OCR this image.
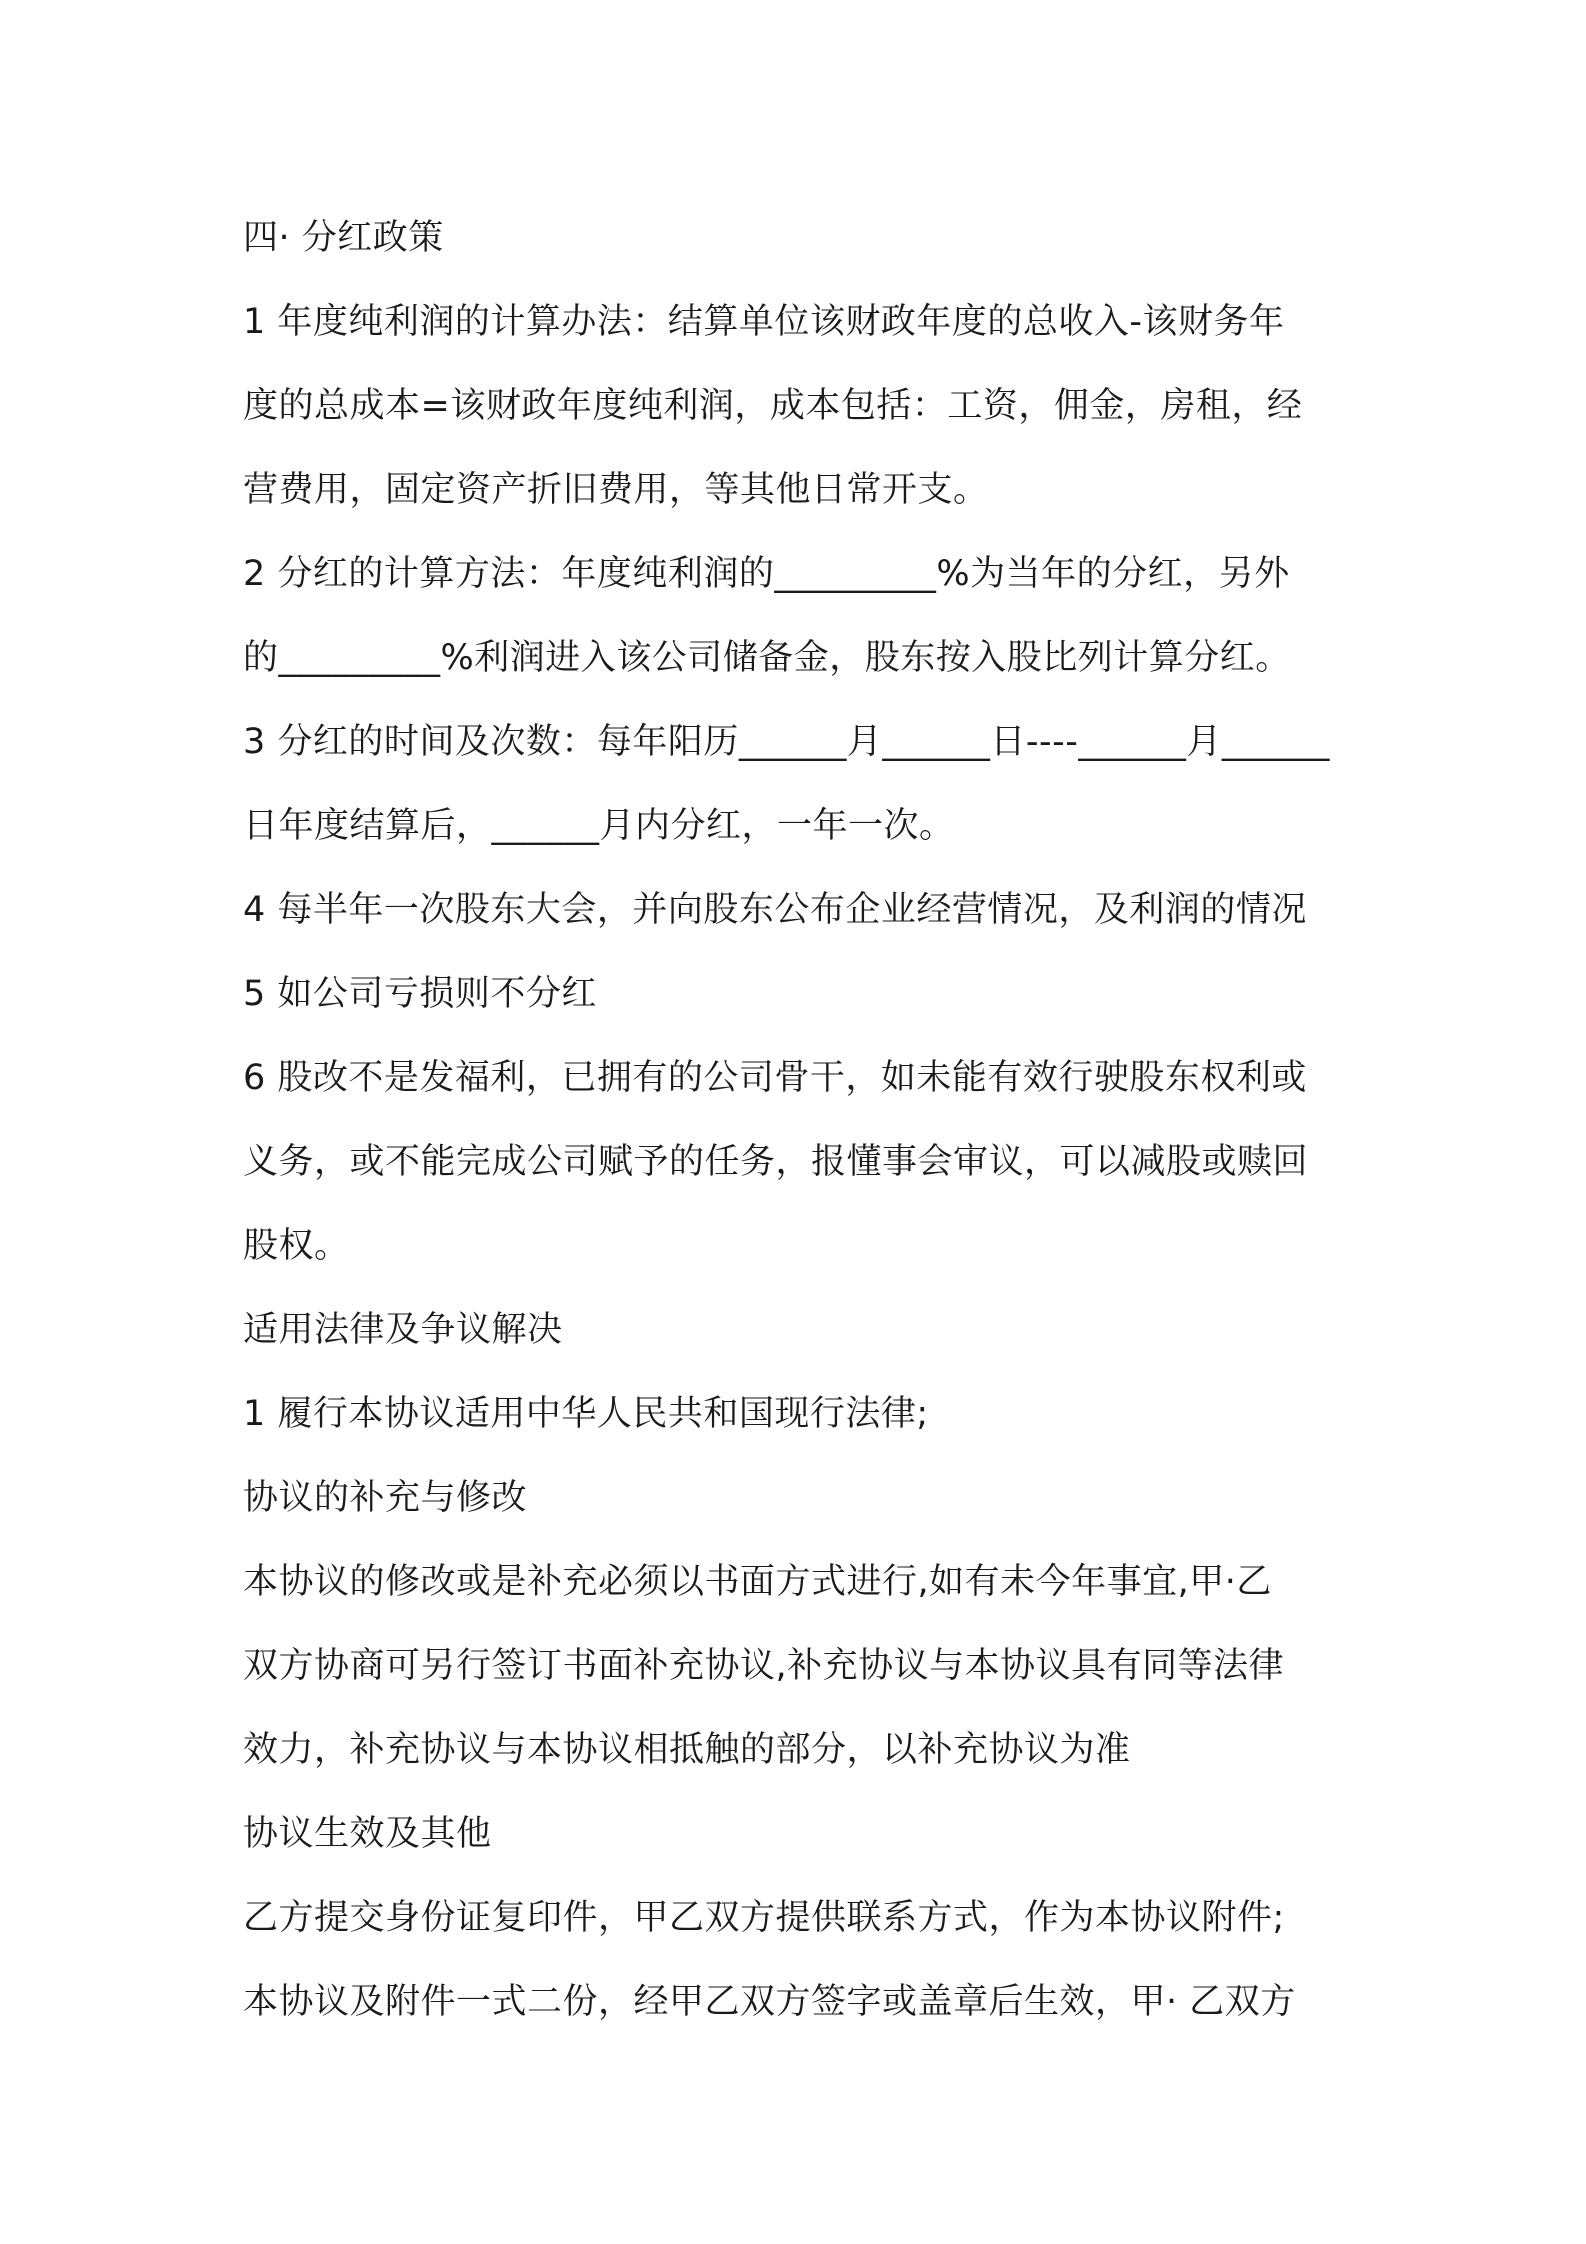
四· 分红政策
1 年度纯利润的计算办法：结算单位该财政年度的总收入-该财务年
度的总成本=该财政年度纯利润，成本包括：工资，佣金，房租，经
营费用，固定资产折旧费用，等其他日常开支。
2 分红的计算方法：年度纯利润的_________%为当年的分红，另外
的_________%利润进入该公司储备金，股东按入股比列计算分红。
3 分红的时间及次数：每年阳历______月______日----______月______
日年度结算后，______月内分红，一年一次。
4 每半年一次股东大会，并向股东公布企业经营情况，及利润的情况
5 如公司亏损则不分红
6 股改不是发福利，已拥有的公司骨干，如未能有效行驶股东权利或
义务，或不能完成公司赋予的任务，报懂事会审议，可以减股或赎回
股权。
适用法律及争议解决
1 履行本协议适用中华人民共和国现行法律;
协议的补充与修改
本协议的修改或是补充必须以书面方式进行,如有未今年事宜,甲·乙
双方协商可另行签订书面补充协议,补充协议与本协议具有同等法律
效力，补充协议与本协议相抵触的部分，以补充协议为准
协议生效及其他
乙方提交身份证复印件，甲乙双方提供联系方式，作为本协议附件;
本协议及附件一式二份，经甲乙双方签字或盖章后生效，甲· 乙双方
